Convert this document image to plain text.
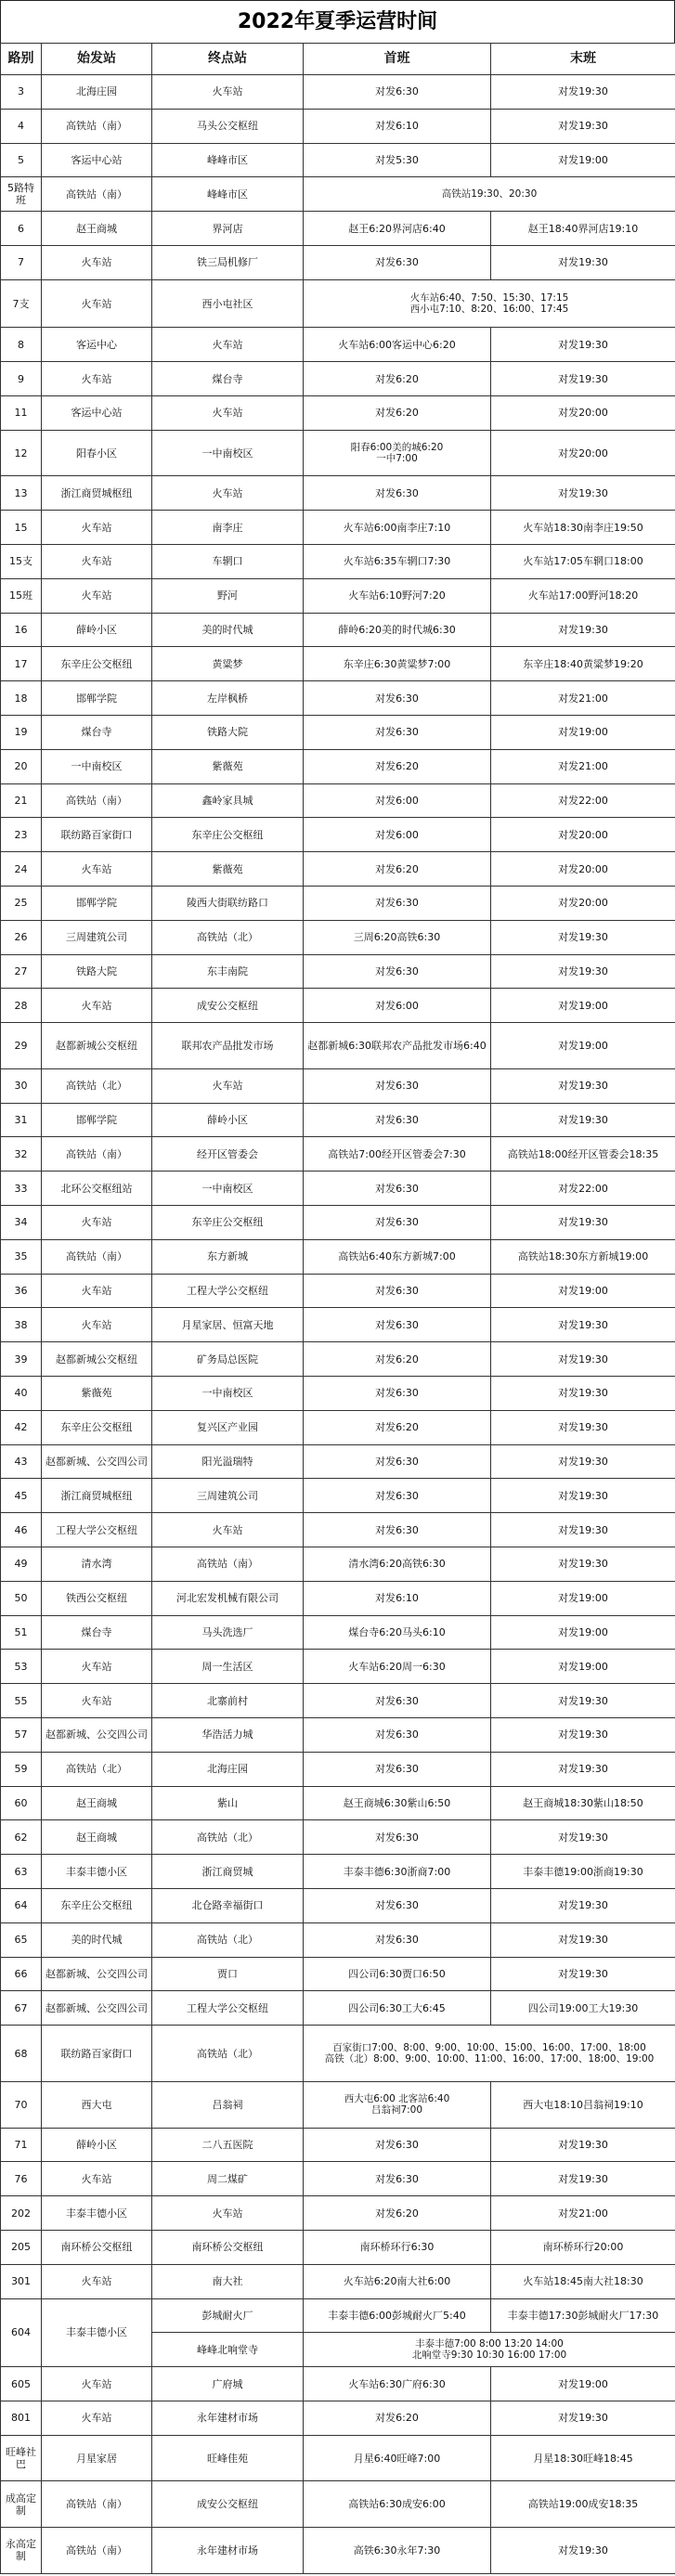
2022年夏季运营时间
路别	始发站	终点站	首班	末班
3	北海庄园	火车站	对发6:30	对发19:30
4	高铁站（南）	马头公交枢纽	对发6:10	对发19:30
5	客运中心站	峰峰市区	对发5:30	对发19:00
5路特班	高铁站（南）	峰峰市区	高铁站19:30、20:30	
6	赵王商城	界河店	赵王6:20界河店6:40	赵王18:40界河店19:10
7	火车站	铁三局机修厂	对发6:30	对发19:30
7支	火车站	西小屯社区	火车站6:40、7:50、15:30、17:15
西小屯7:10、8:20、16:00、17:45	
8	客运中心	火车站	火车站6:00客运中心6:20	对发19:30
9	火车站	煤台寺	对发6:20	对发19:30
11	客运中心站	火车站	对发6:20	对发20:00
12	阳春小区	一中南校区	阳春6:00美的城6:20
一中7:00	对发20:00
13	浙江商贸城枢纽	火车站	对发6:30	对发19:30
15	火车站	南李庄	火车站6:00南李庄7:10	火车站18:30南李庄19:50
15支	火车站	车辋口	火车站6:35车辋口7:30	火车站17:05车辋口18:00
15班	火车站	野河	火车站6:10野河7:20	火车站17:00野河18:20
16	薛岭小区	美的时代城	薛岭6:20美的时代城6:30	对发19:30
17	东辛庄公交枢纽	黄粱梦	东辛庄6:30黄粱梦7:00	东辛庄18:40黄粱梦19:20
18	邯郸学院	左岸枫桥	对发6:30	对发21:00
19	煤台寺	铁路大院	对发6:30	对发19:00
20	一中南校区	紫薇苑	对发6:20	对发21:00
21	高铁站（南）	鑫岭家具城	对发6:00	对发22:00
23	联纺路百家街口	东辛庄公交枢纽	对发6:00	对发20:00
24	火车站	紫薇苑	对发6:20	对发20:00
25	邯郸学院	陵西大街联纺路口	对发6:30	对发20:00
26	三周建筑公司	高铁站（北）	三周6:20高铁6:30	对发19:30
27	铁路大院	东丰南院	对发6:30	对发19:30
28	火车站	成安公交枢纽	对发6:00	对发19:00
29	赵都新城公交枢纽	联邦农产品批发市场	赵都新城6:30联邦农产品批发市场6:40	对发19:00
30	高铁站（北）	火车站	对发6:30	对发19:30
31	邯郸学院	薛岭小区	对发6:30	对发19:30
32	高铁站（南）	经开区管委会	高铁站7:00经开区管委会7:30	高铁站18:00经开区管委会18:35
33	北环公交枢纽站	一中南校区	对发6:30	对发22:00
34	火车站	东辛庄公交枢纽	对发6:30	对发19:30
35	高铁站（南）	东方新城	高铁站6:40东方新城7:00	高铁站18:30东方新城19:00
36	火车站	工程大学公交枢纽	对发6:30	对发19:00
38	火车站	月星家居、恒富天地	对发6:30	对发19:30
39	赵都新城公交枢纽	矿务局总医院	对发6:20	对发19:30
40	紫薇苑	一中南校区	对发6:30	对发19:30
42	东辛庄公交枢纽	复兴区产业园	对发6:20	对发19:30
43	赵都新城、公交四公司	阳光溢瑞特	对发6:30	对发19:30
45	浙江商贸城枢纽	三周建筑公司	对发6:30	对发19:30
46	工程大学公交枢纽	火车站	对发6:30	对发19:30
49	清水湾	高铁站（南）	清水湾6:20高铁6:30	对发19:30
50	铁西公交枢纽	河北宏发机械有限公司	对发6:10	对发19:00
51	煤台寺	马头洗选厂	煤台寺6:20马头6:10	对发19:00
53	火车站	周一生活区	火车站6:20周一6:30	对发19:00
55	火车站	北寨前村	对发6:30	对发19:30
57	赵都新城、公交四公司	华浩活力城	对发6:30	对发19:30
59	高铁站（北）	北海庄园	对发6:30	对发19:30
60	赵王商城	紫山	赵王商城6:30紫山6:50	赵王商城18:30紫山18:50
62	赵王商城	高铁站（北）	对发6:30	对发19:30
63	丰泰丰德小区	浙江商贸城	丰泰丰德6:30浙商7:00	丰泰丰德19:00浙商19:30
64	东辛庄公交枢纽	北仓路幸福街口	对发6:30	对发19:30
65	美的时代城	高铁站（北）	对发6:30	对发19:30
66	赵都新城、公交四公司	贾口	四公司6:30贾口6:50	对发19:30
67	赵都新城、公交四公司	工程大学公交枢纽	四公司6:30工大6:45	四公司19:00工大19:30
68	联纺路百家街口	高铁站（北）	百家街口7:00、8:00、9:00、10:00、15:00、16:00、17:00、18:00
高铁（北）8:00、9:00、10:00、11:00、16:00、17:00、18:00、19:00	
70	西大屯	吕翁祠	西大屯6:00 北客站6:40
吕翁祠7:00	西大屯18:10吕翁祠19:10
71	薛岭小区	二八五医院	对发6:30	对发19:30
76	火车站	周二煤矿	对发6:30	对发19:30
202	丰泰丰德小区	火车站	对发6:20	对发21:00
205	南环桥公交枢纽	南环桥公交枢纽	南环桥环行6:30	南环桥环行20:00
301	火车站	南大社	火车站6:20南大社6:00	火车站18:45南大社18:30
604	丰泰丰德小区	彭城耐火厂	丰泰丰德6:00彭城耐火厂5:40	丰泰丰德17:30彭城耐火厂17:30
		峰峰北响堂寺	丰泰丰德7:00 8:00 13:20 14:00
北响堂寺9:30 10:30 16:00 17:00	
605	火车站	广府城	火车站6:30广府6:30	对发19:00
801	火车站	永年建材市场	对发6:20	对发19:30
旺峰社巴	月星家居	旺峰佳苑	月星6:40旺峰7:00	月星18:30旺峰18:45
成高定制	高铁站（南）	成安公交枢纽	高铁站6:30成安6:00	高铁站19:00成安18:35
永高定制	高铁站（南）	永年建材市场	高铁6:30永年7:30	对发19:30
